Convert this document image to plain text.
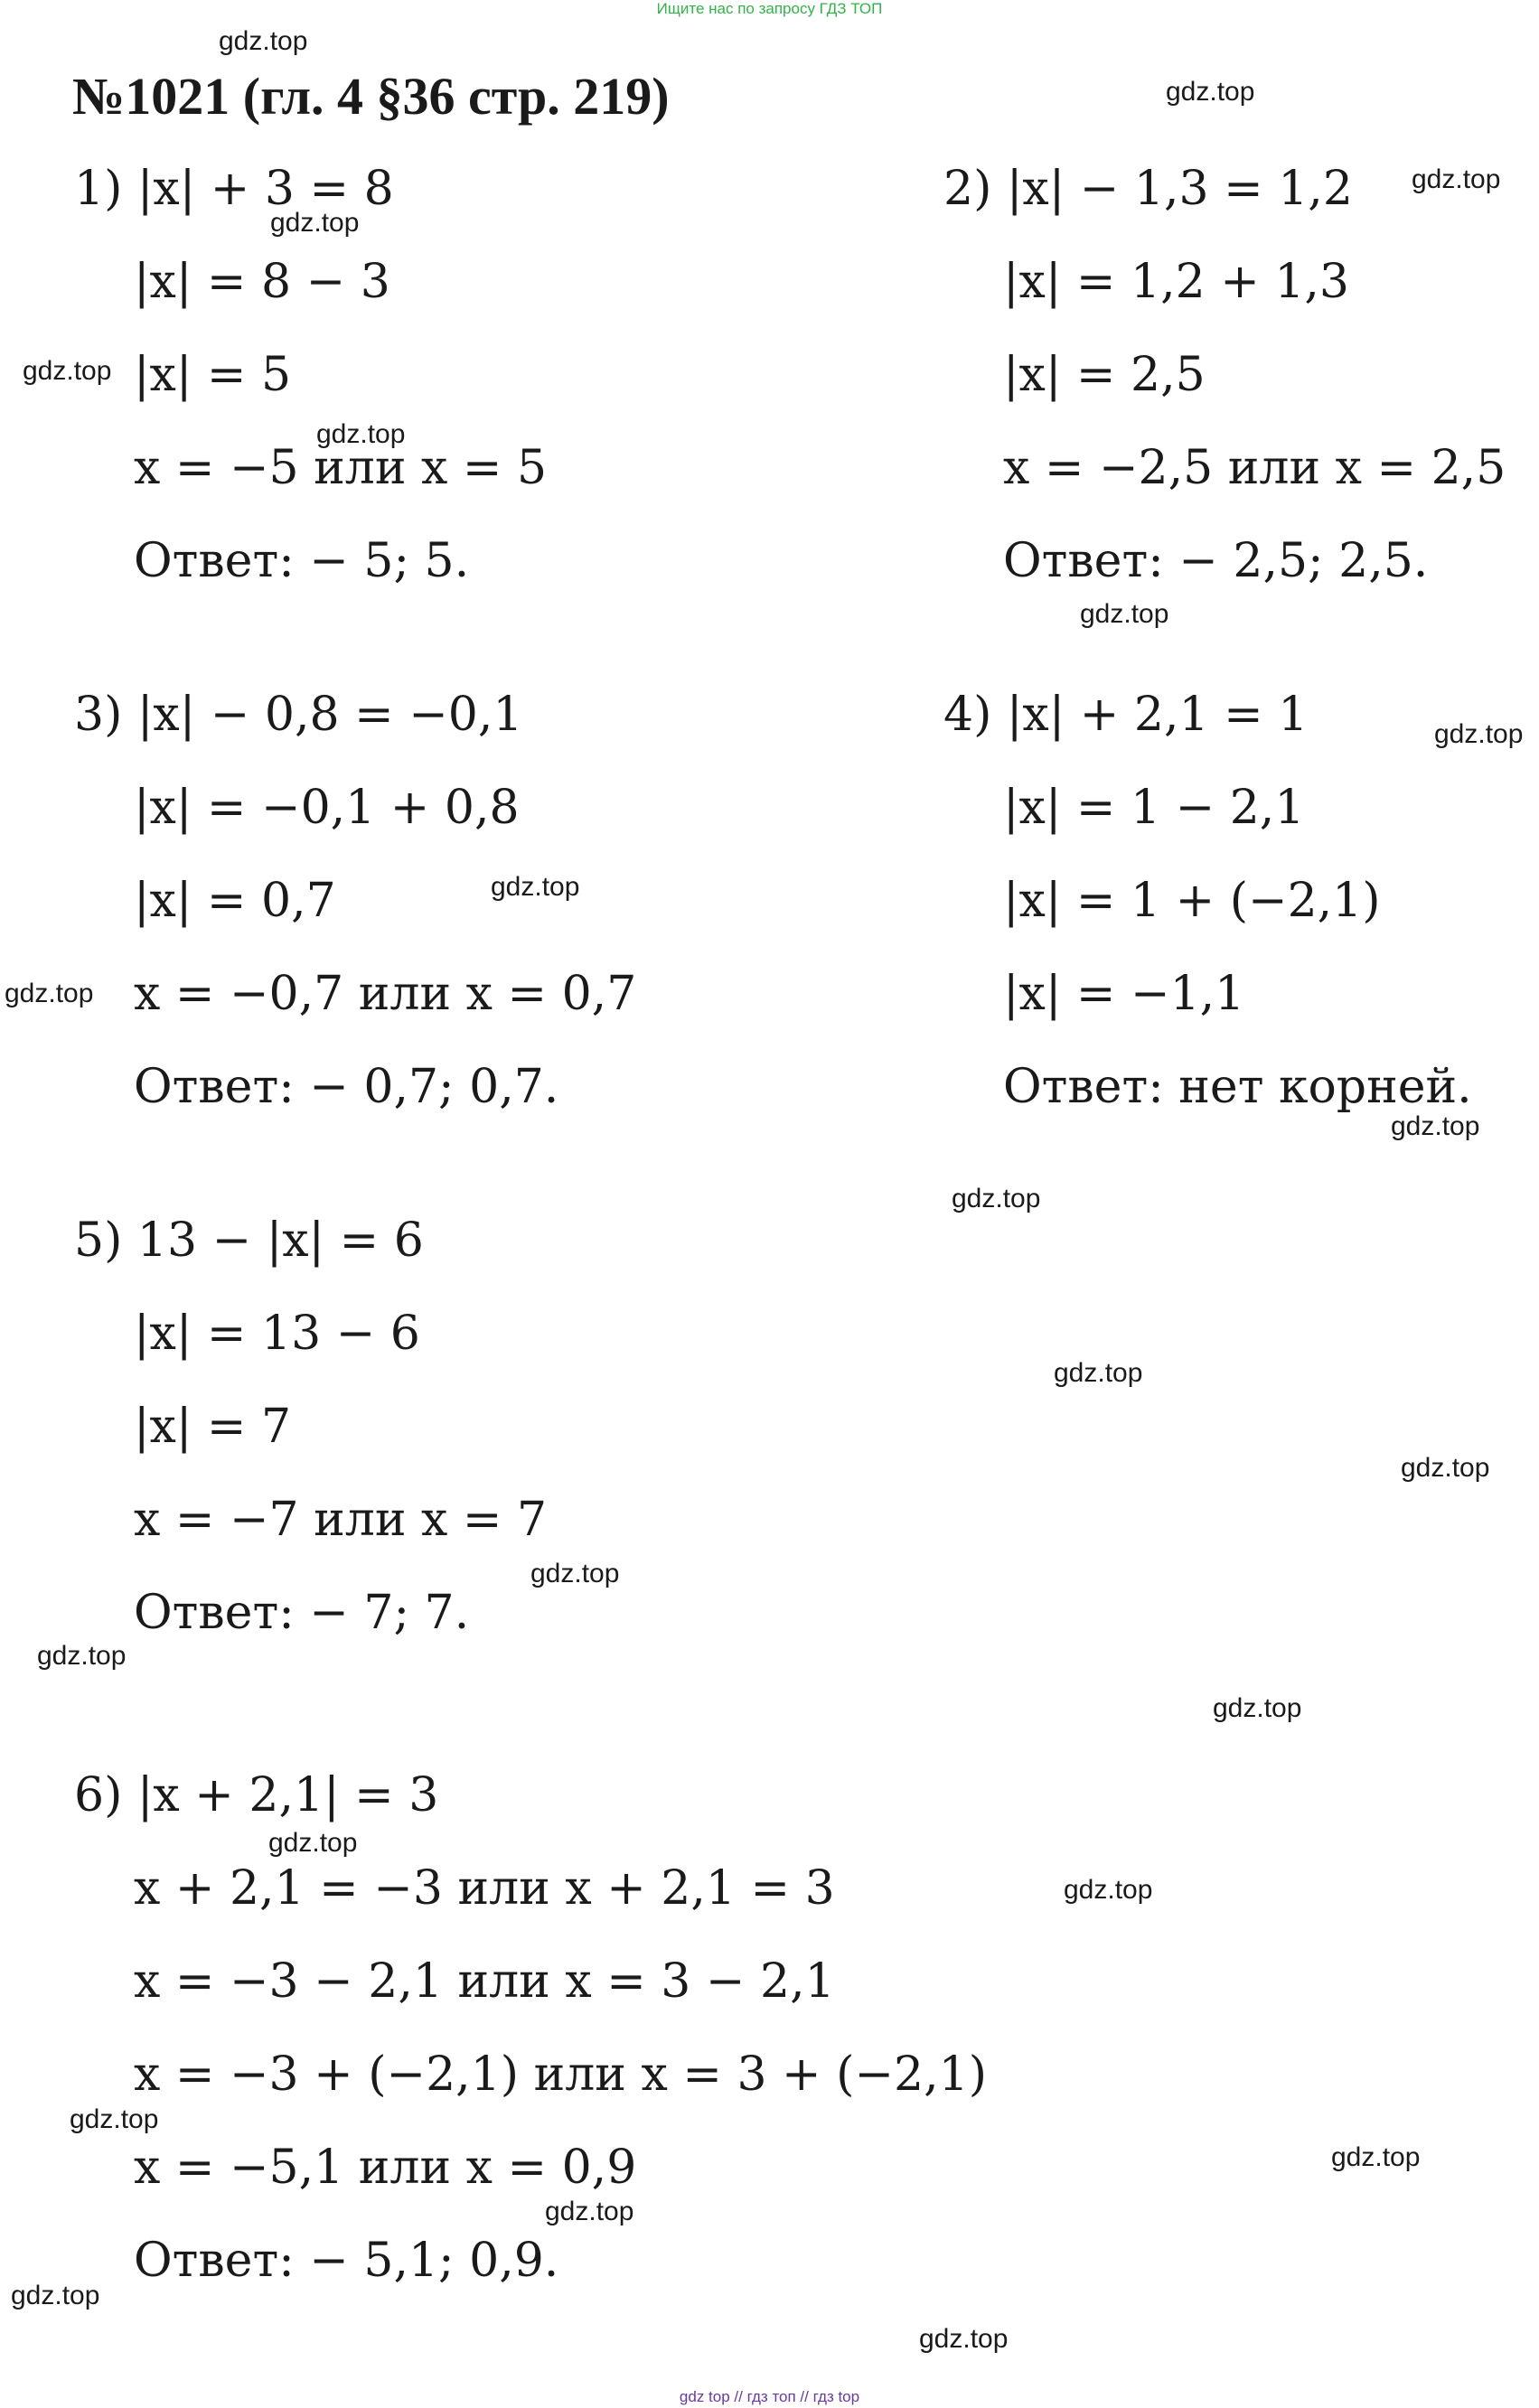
Ищите нас по запросу ГДЗ ТОП
№1021 (гл. 4 §36 стр. 219)
1) |x| + 3 = 8
|x| = 8 − 3
|x| = 5
x = −5 или x = 5
Ответ: − 5; 5.
2) |x| − 1,3 = 1,2
|x| = 1,2 + 1,3
|x| = 2,5
x = −2,5 или x = 2,5
Ответ: − 2,5; 2,5.
3) |x| − 0,8 = −0,1
|x| = −0,1 + 0,8
|x| = 0,7
x = −0,7 или x = 0,7
Ответ: − 0,7; 0,7.
4) |x| + 2,1 = 1
|x| = 1 − 2,1
|x| = 1 + (−2,1)
|x| = −1,1
Ответ: нет корней.
5) 13 − |x| = 6
|x| = 13 − 6
|x| = 7
x = −7 или x = 7
Ответ: − 7; 7.
6) |x + 2,1| = 3
x + 2,1 = −3 или x + 2,1 = 3
x = −3 − 2,1 или x = 3 − 2,1
x = −3 + (−2,1) или x = 3 + (−2,1)
x = −5,1 или x = 0,9
Ответ: − 5,1; 0,9.
gdz.top
gdz.top
gdz.top
gdz.top
gdz.top
gdz.top
gdz.top
gdz.top
gdz.top
gdz.top
gdz.top
gdz.top
gdz.top
gdz.top
gdz.top
gdz.top
gdz.top
gdz.top
gdz.top
gdz.top
gdz.top
gdz.top
gdz.top
gdz.top
gdz top // гдз топ // гдз top
